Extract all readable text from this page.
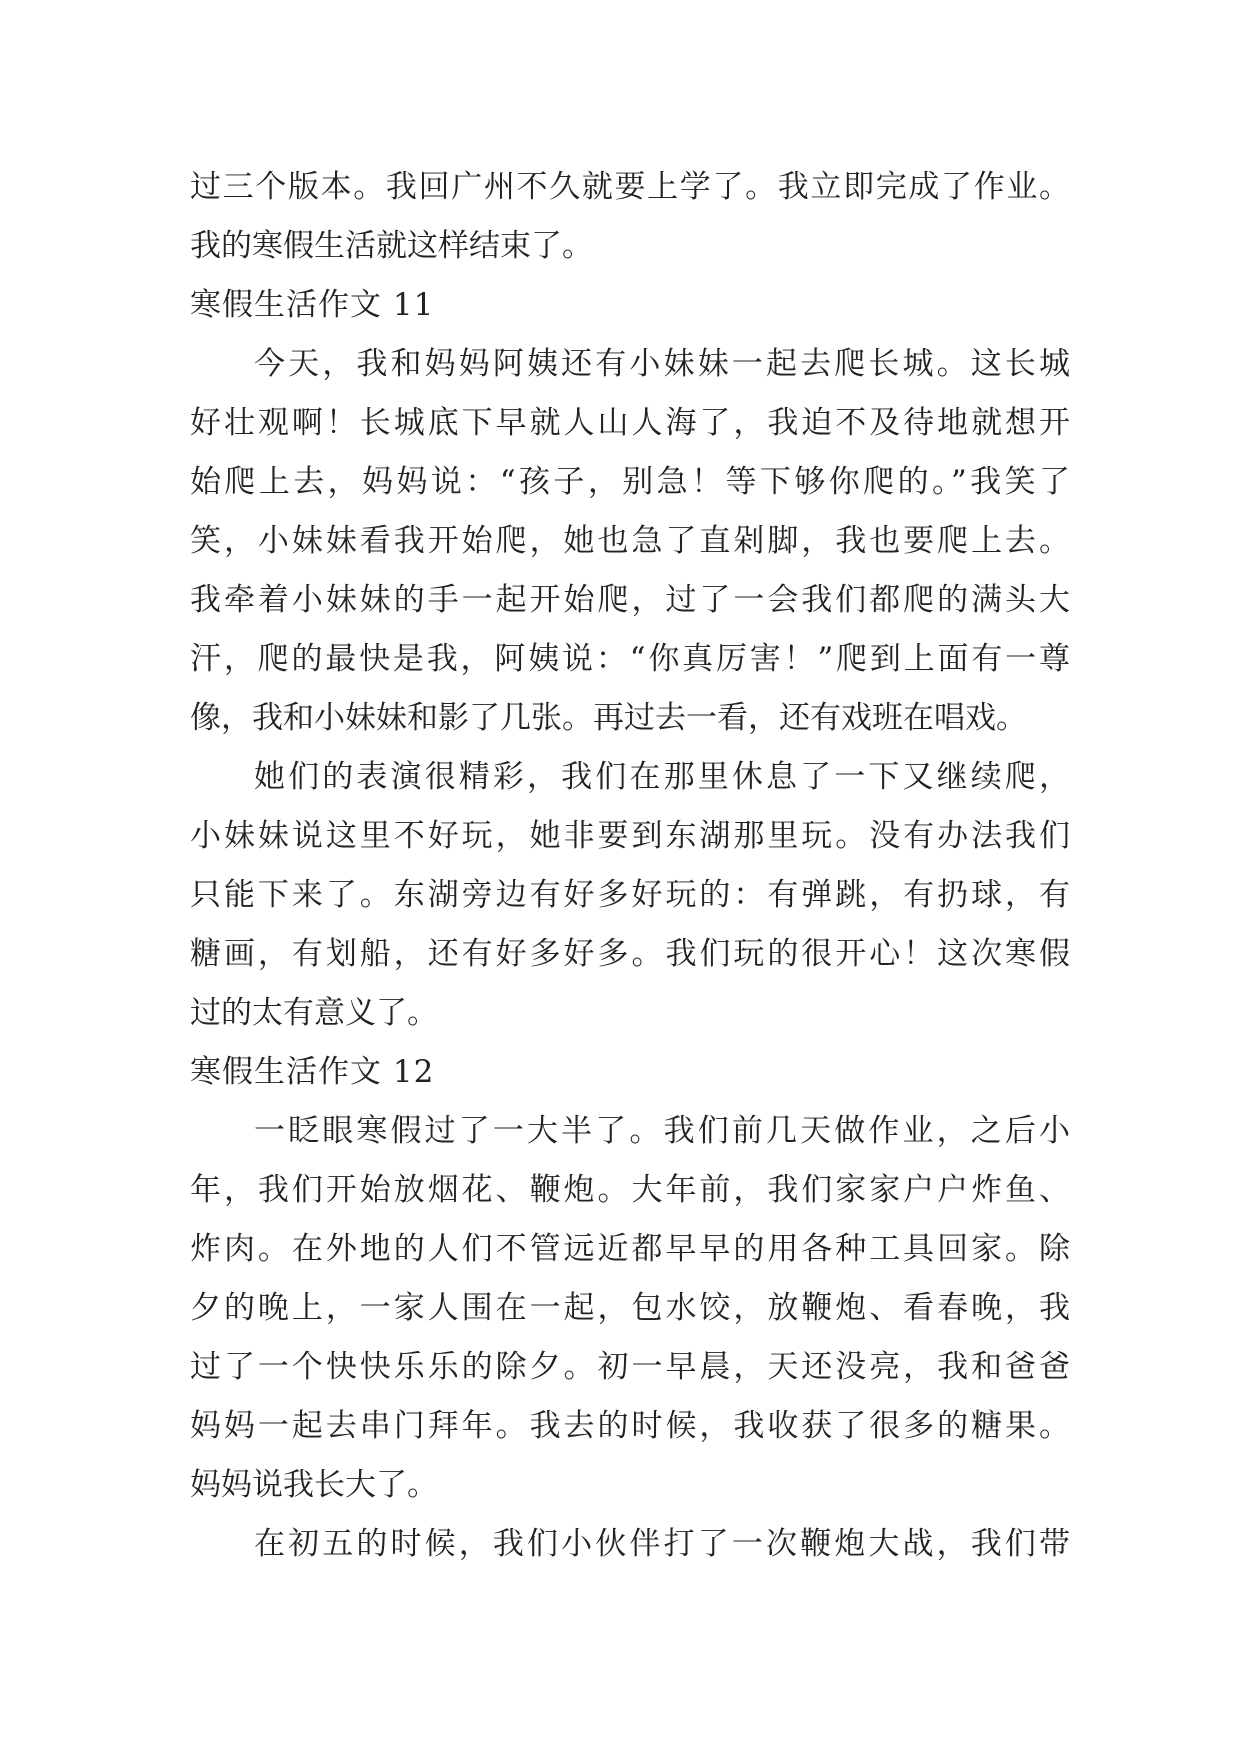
过三个版本。我回广州不久就要上学了。我立即完成了作业。
我的寒假生活就这样结束了。
寒假生活作文 11
今天，我和妈妈阿姨还有小妹妹一起去爬长城。这长城
好壮观啊！长城底下早就人山人海了，我迫不及待地就想开
始爬上去，妈妈说：“孩子，别急！等下够你爬的。”我笑了
笑，小妹妹看我开始爬，她也急了直剁脚，我也要爬上去。
我牵着小妹妹的手一起开始爬，过了一会我们都爬的满头大
汗，爬的最快是我，阿姨说：“你真厉害！”爬到上面有一尊
像，我和小妹妹和影了几张。再过去一看，还有戏班在唱戏。
她们的表演很精彩，我们在那里休息了一下又继续爬，
小妹妹说这里不好玩，她非要到东湖那里玩。没有办法我们
只能下来了。东湖旁边有好多好玩的：有弹跳，有扔球，有
糖画，有划船，还有好多好多。我们玩的很开心！这次寒假
过的太有意义了。
寒假生活作文 12
一眨眼寒假过了一大半了。我们前几天做作业，之后小
年，我们开始放烟花、鞭炮。大年前，我们家家户户炸鱼、
炸肉。在外地的人们不管远近都早早的用各种工具回家。除
夕的晚上，一家人围在一起，包水饺，放鞭炮、看春晚，我
过了一个快快乐乐的除夕。初一早晨，天还没亮，我和爸爸
妈妈一起去串门拜年。我去的时候，我收获了很多的糖果。
妈妈说我长大了。
在初五的时候，我们小伙伴打了一次鞭炮大战，我们带
